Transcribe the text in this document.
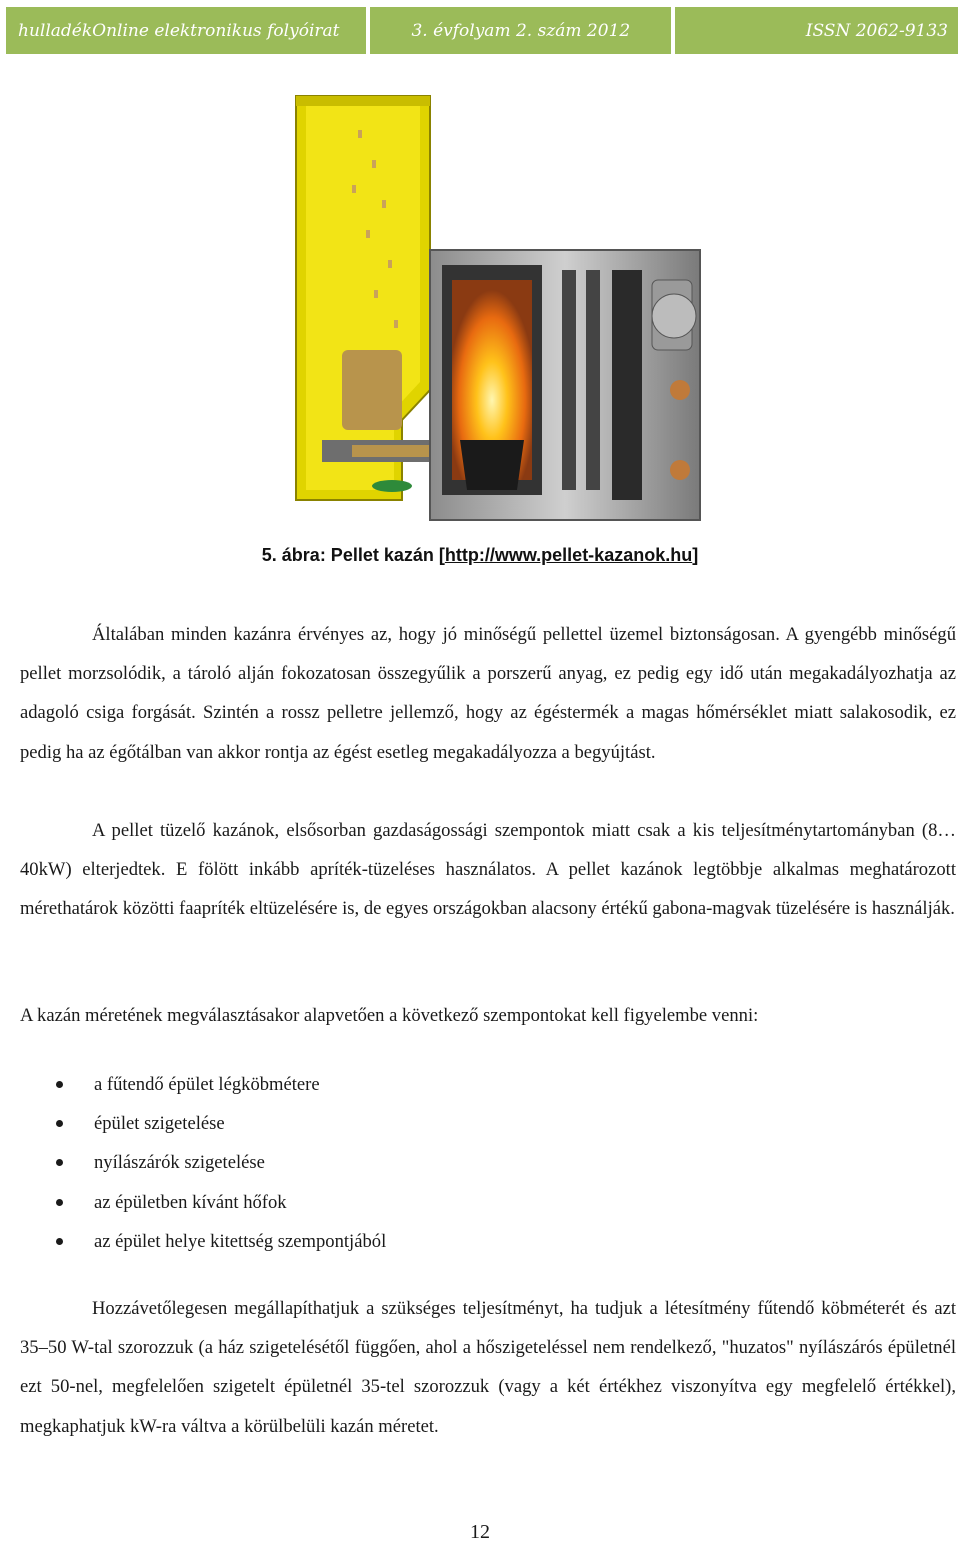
hulladékOnline elektronikus folyóirat	3. évfolyam 2. szám 2012	ISSN 2062-9133
5. ábra: Pellet kazán [http://www.pellet-kazanok.hu]
Általában minden kazánra érvényes az, hogy jó minőségű pellettel üzemel biztonságosan. A gyengébb minőségű pellet morzsolódik, a tároló alján fokozatosan összegyűlik a porszerű anyag, ez pedig egy idő után megakadályozhatja az adagoló csiga forgását. Szintén a rossz pelletre jellemző, hogy az égéstermék a magas hőmérséklet miatt salakosodik, ez pedig ha az égőtálban van akkor rontja az égést esetleg megakadályozza a begyújtást.
A pellet tüzelő kazánok, elsősorban gazdaságossági szempontok miatt csak a kis teljesítménytartományban (8…40kW) elterjedtek. E fölött inkább apríték-tüzeléses használatos. A pellet kazánok legtöbbje alkalmas meghatározott mérethatárok közötti faapríték eltüzelésére is, de egyes országokban alacsony értékű gabona-magvak tüzelésére is használják.
A kazán méretének megválasztásakor alapvetően a következő szempontokat kell figyelembe venni:
a fűtendő épület légköbmétere
épület szigetelése
nyílászárók szigetelése
az épületben kívánt hőfok
az épület helye kitettség szempontjából
Hozzávetőlegesen megállapíthatjuk a szükséges teljesítményt, ha tudjuk a létesítmény fűtendő köbméterét és azt 35–50 W-tal szorozzuk (a ház szigetelésétől függően, ahol a hőszigeteléssel nem rendelkező, "huzatos" nyílászárós épületnél ezt 50-nel, megfelelően szigetelt épületnél 35-tel szorozzuk (vagy a két értékhez viszonyítva egy megfelelő értékkel), megkaphatjuk kW-ra váltva a körülbelüli kazán méretet.
12
